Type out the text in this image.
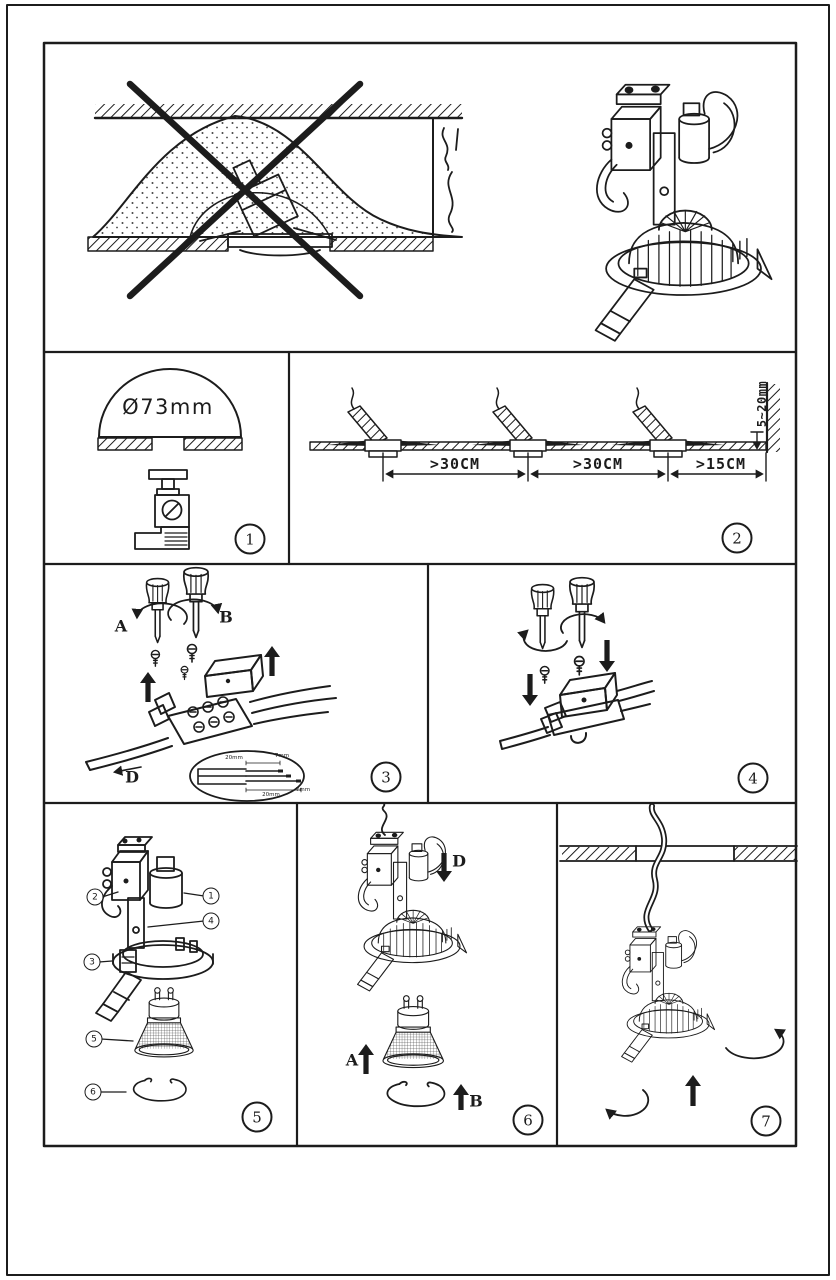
Ø73mm
>30CM	>30CM	>15CM
5~20mm
A	B
D
20mm	7mm
20mm
7mm
D
A
B
1	2
3	4
5	6	7
1
2
3
4
5
6
